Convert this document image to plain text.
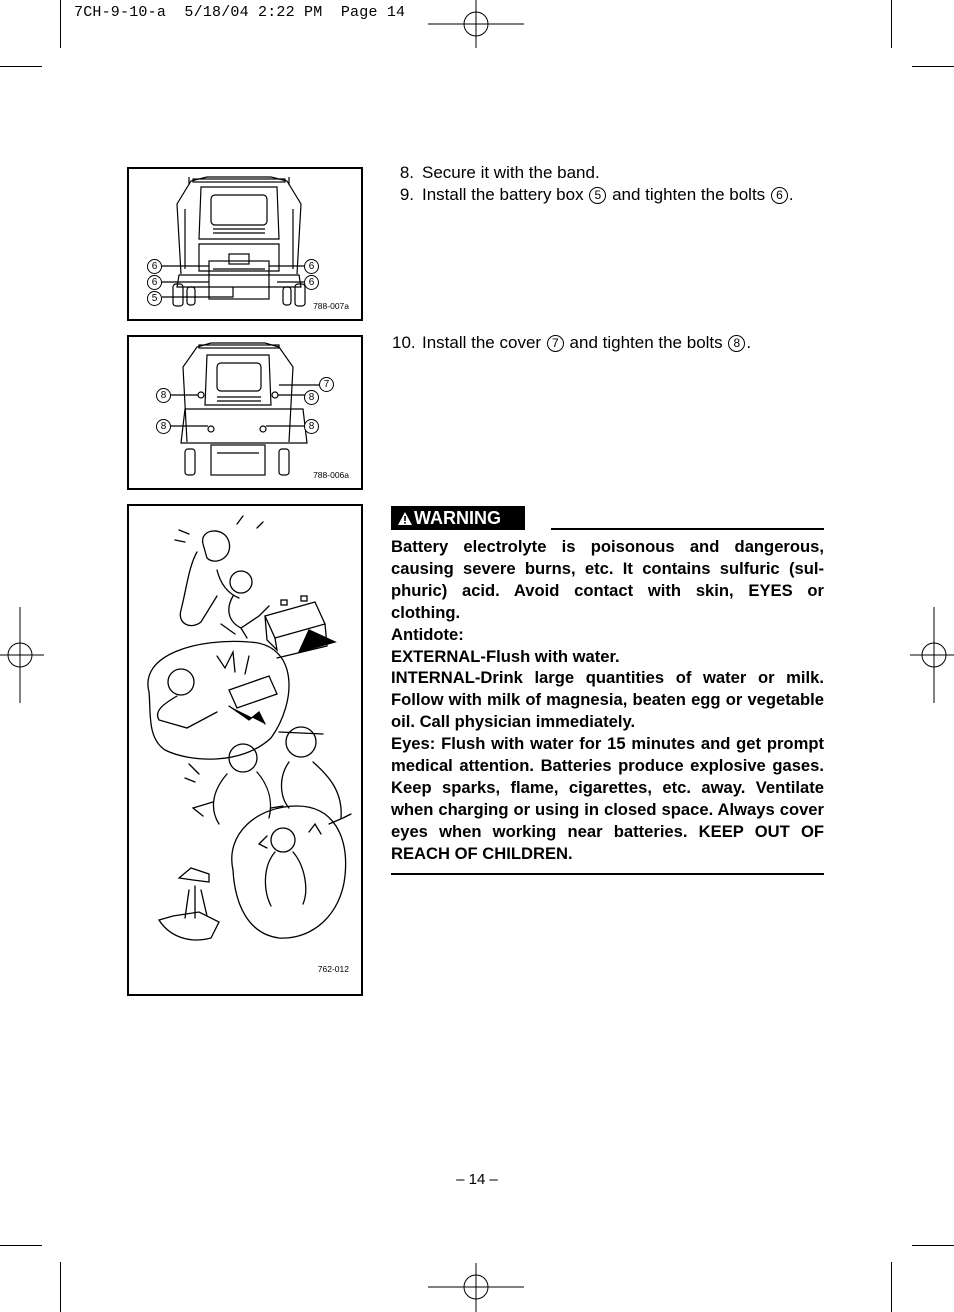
7CH-9-10-a  5/18/04 2:22 PM  Page 14
6
6
5
6
6
788-007a
8
8
7
8
8
788-006a
762-012
8. Secure it with the band.
9. Install the battery box 5 and tighten the bolts 6 .
10. Install the cover 7 and tighten the bolts 8 .
WARNING

Battery electrolyte is poisonous and dangerous, causing severe burns, etc. It contains sulfuric (sulphuric) acid. Avoid contact with skin, EYES or clothing.

Antidote:

EXTERNAL-Flush with water.

INTERNAL-Drink large quantities of water or milk. Follow with milk of magnesia, beaten egg or vegetable oil. Call physician immediately.

Eyes: Flush with water for 15 minutes and get prompt medical attention. Batteries produce explosive gases. Keep sparks, flame, cigarettes, etc. away. Ventilate when charging or using in closed space. Always cover eyes when working near batteries. KEEP OUT OF REACH OF CHILDREN.

– 14 –
